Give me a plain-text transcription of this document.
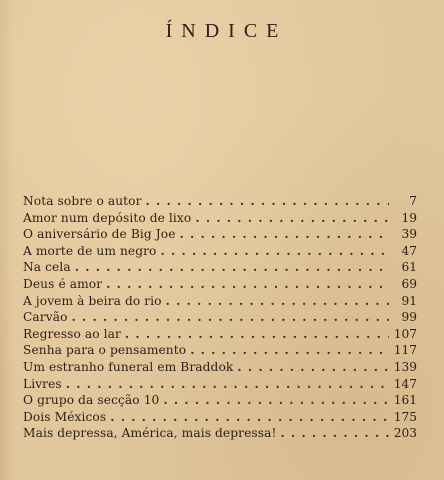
ÍNDICE
Nota sobre o autor . . .	7
Amor num depósito de lixo . . .	19
O aniversário de Big Joe . . .	39
A morte de um negro . . .	47
Na cela . . .	61
Deus é amor . . .	69
A jovem à beira do rio . . .	91
Carvão . . .	99
Regresso ao lar . . .	107
Senha para o pensamento . . .	117
Um estranho funeral em Braddok . . .	139
Livres . . .	147
O grupo da secção 10 . . .	161
Dois Méxicos . . .	175
Mais depressa, América, mais depressa! . . .	203
